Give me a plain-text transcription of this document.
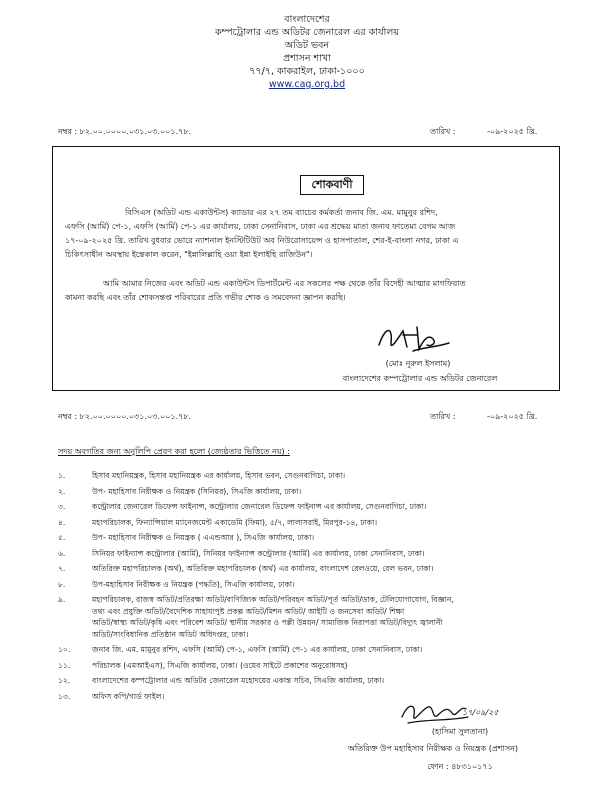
বাংলাদেশের
কম্পট্রোলার এন্ড অডিটর জেনারেল এর কার্যালয়
অডিট ভবন
প্রশাসন শাখা
৭৭/৭, কাকরাইল, ঢাকা-১০০০
www.cag.org.bd
নম্বর : ৮২.০০.০০০০.০৩১.০৩.০০১.৭৮.	তারিখ :	-০৯-২০২৫ খ্রি.
শোকবাণী
বিসিএস (অডিট এন্ড একাউন্টস) ক্যাডার এর ২৭ তম ব্যাচের কর্মকর্তা জনাব জি. এম. মামুনুর রশিদ,
এফসি (আর্মি) পে-১, এফসি (আর্মি) পে-১ এর কার্যালয়, ঢাকা সেনানিবাস, ঢাকা এর শ্রদ্ধেয় মাতা জনাব ফাতেমা বেগম আজ
১৭-০৯-২০২৫ খ্রি. তারিখ বুধবার ভোরে ন্যাশনাল ইনস্টিটিউট অব নিউরোসায়েন্স ও হাসপাতাল, শের-ই-বাংলা নগর, ঢাকা এ
চিকিৎসাধীন অবস্থায় ইন্তেকাল করেন, "ইন্নালিল্লাহি ওয়া ইন্না ইলাইহি রাজিউন"।
আমি আমার নিজের এবং অডিট এন্ড একাউন্টস ডিপার্টমেন্ট এর সকলের পক্ষ থেকে তাঁর বিদেহী আত্মার মাগফিরাত
কামনা করছি এবং তাঁর শোকসন্তপ্ত পরিবারের প্রতি গভীর শোক ও সমবেদনা জ্ঞাপন করছি।
(মোঃ নূরুল ইসলাম)
বাংলাদেশের কম্পট্রোলার এন্ড অডিটর জেনারেল
নম্বর : ৮২.০০.০০০০.০৩১.০৩.০০১.৭৮.	তারিখ :	-০৯-২০২৫ খ্রি.
সদয় অবগতির জন্য অনুলিপি প্রেরণ করা হলো (জ্যেষ্ঠতার ভিত্তিতে নয়) :
১.	হিসাব মহানিয়ন্ত্রক, হিসাব মহানিয়ন্ত্রক এর কার্যালয়, হিসাব ভবন, সেগুনবাগিচা, ঢাকা।
২.	উপ- মহাহিসাব নিরীক্ষক ও নিয়ন্ত্রক (সিনিয়র), সিএজি কার্যালয়, ঢাকা।
৩.	কন্ট্রোলার জেনারেল ডিফেন্স ফাইনান্স, কন্ট্রোলার জেনারেল ডিফেন্স ফাইনান্স এর কার্যালয়, সেগুনবাগিচা, ঢাকা।
৪.	মহাপরিচালক, ফিন্যান্সিয়াল ম্যানেজমেন্ট একাডেমি (ফিমা), ৫/৭, লালাসরাই, মিরপুর-১৪, ঢাকা।
৫.	উপ- মহাহিসাব নিরীক্ষক ও নিয়ন্ত্রক ( এএন্ডআর ), সিএজি কার্যালয়, ঢাকা।
৬.	সিনিয়র ফাইন্যান্স কন্ট্রোলার (আর্মি), সিনিয়র ফাইন্যান্স কন্ট্রোলার (আর্মি) এর কার্যালয়, ঢাকা সেনানিবাস, ঢাকা।
৭.	অতিরিক্ত মহাপরিচালক (অর্থ), অতিরিক্ত মহাপরিচালক (অর্থ) এর কার্যালয়, বাংলাদেশ রেলওয়ে, রেল ভবন, ঢাকা।
৮.	উপ-মহাহিসাব নিরীক্ষক ও নিয়ন্ত্রক (পদ্ধতি), সিএজি কার্যালয়, ঢাকা।
৯.	মহাপরিচালক, রাজস্ব অডিট/প্রতিরক্ষা অডিট/বাণিজ্যিক অডিট/পরিবহন অডিট/পূর্ত অডিট/ডাক, টেলিযোগাযোগ, বিজ্ঞান,
তথ্য এবং প্রযুক্তি অডিট/বৈদেশিক সাহায্যপুষ্ট প্রকল্প অডিট/মিশন অডিট/ আইটি ও জনসেবা অডিট/ শিক্ষা
অডিট/স্বাস্থ্য অডিট/কৃষি এবং পরিবেশ অডিট/ স্থানীয় সরকার ও পল্লী উন্নয়ন/ সামাজিক নিরাপত্তা অডিট/বিদ্যুৎ জ্বালানী
অডিট/সাংবিধানিক প্রতিষ্ঠান অডিট অধিদপ্তর, ঢাকা।
১০.	জনাব জি. এম. মামুনুর রশিদ, এফসি (আর্মি) পে-১, এফসি (আর্মি) পে-১ এর কার্যালয়, ঢাকা সেনানিবাস, ঢাকা।
১১.	পরিচালক (এমআইএস), সিএজি কার্যালয়, ঢাকা। (ওয়েব সাইটে প্রকাশের অনুরোধসহ)
১২.	বাংলাদেশের কম্পট্রোলার এন্ড অডিটর জেনারেল মহোদয়ের একান্ত সচিব, সিএজি কার্যালয়, ঢাকা।
১৩.	অফিস কপি/গার্ড ফাইল।
১৭/০৯/২৫
(হাসিমা সুলতানা)
অতিরিক্ত উপ মহাহিসাব নিরীক্ষক ও নিয়ন্ত্রক (প্রশাসন)
ফোন : ৪৮৩১০১৭১
